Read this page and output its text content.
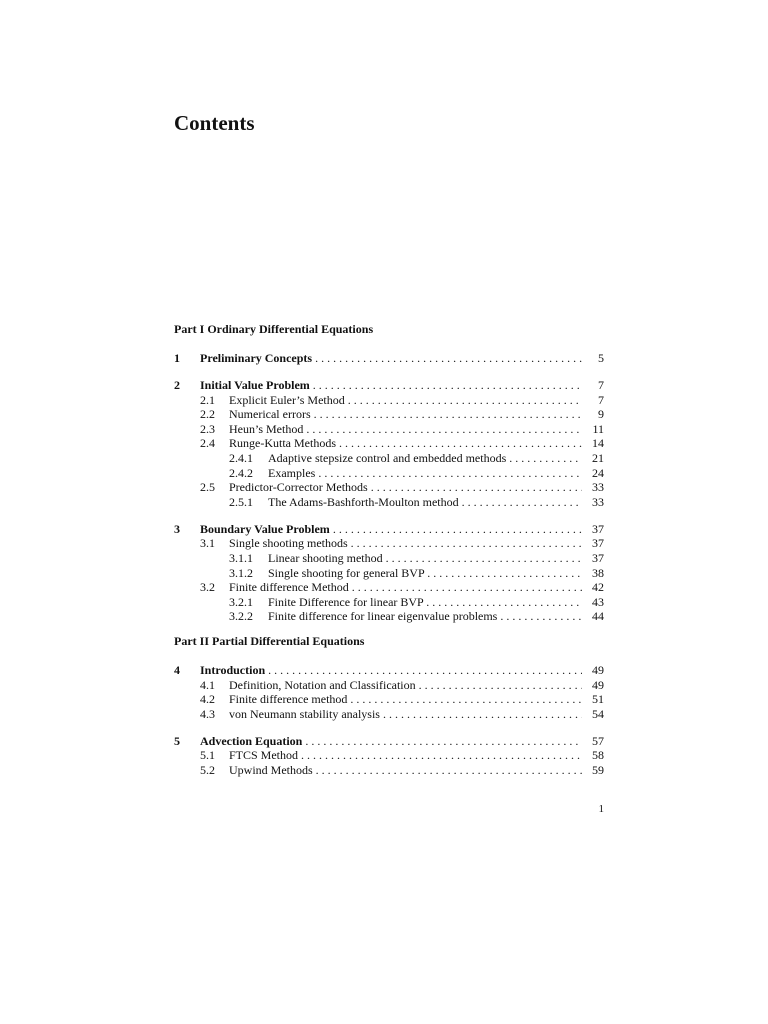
Contents
Part I Ordinary Differential Equations
1 Preliminary Concepts . . .	5
2 Initial Value Problem . . .	7
2.1 Explicit Euler’s Method . . .	7
2.2 Numerical errors . . .	9
2.3 Heun’s Method . . .	11
2.4 Runge-Kutta Methods . . .	14
2.4.1 Adaptive stepsize control and embedded methods . . .	21
2.4.2 Examples . . .	24
2.5 Predictor-Corrector Methods . . .	33
2.5.1 The Adams-Bashforth-Moulton method . . .	33
3 Boundary Value Problem . . .	37
3.1 Single shooting methods . . .	37
3.1.1 Linear shooting method . . .	37
3.1.2 Single shooting for general BVP . . .	38
3.2 Finite difference Method . . .	42
3.2.1 Finite Difference for linear BVP . . .	43
3.2.2 Finite difference for linear eigenvalue problems . . .	44
Part II Partial Differential Equations
4 Introduction . . .	49
4.1 Definition, Notation and Classification . . .	49
4.2 Finite difference method . . .	51
4.3 von Neumann stability analysis . . .	54
5 Advection Equation . . .	57
5.1 FTCS Method . . .	58
5.2 Upwind Methods . . .	59
1
